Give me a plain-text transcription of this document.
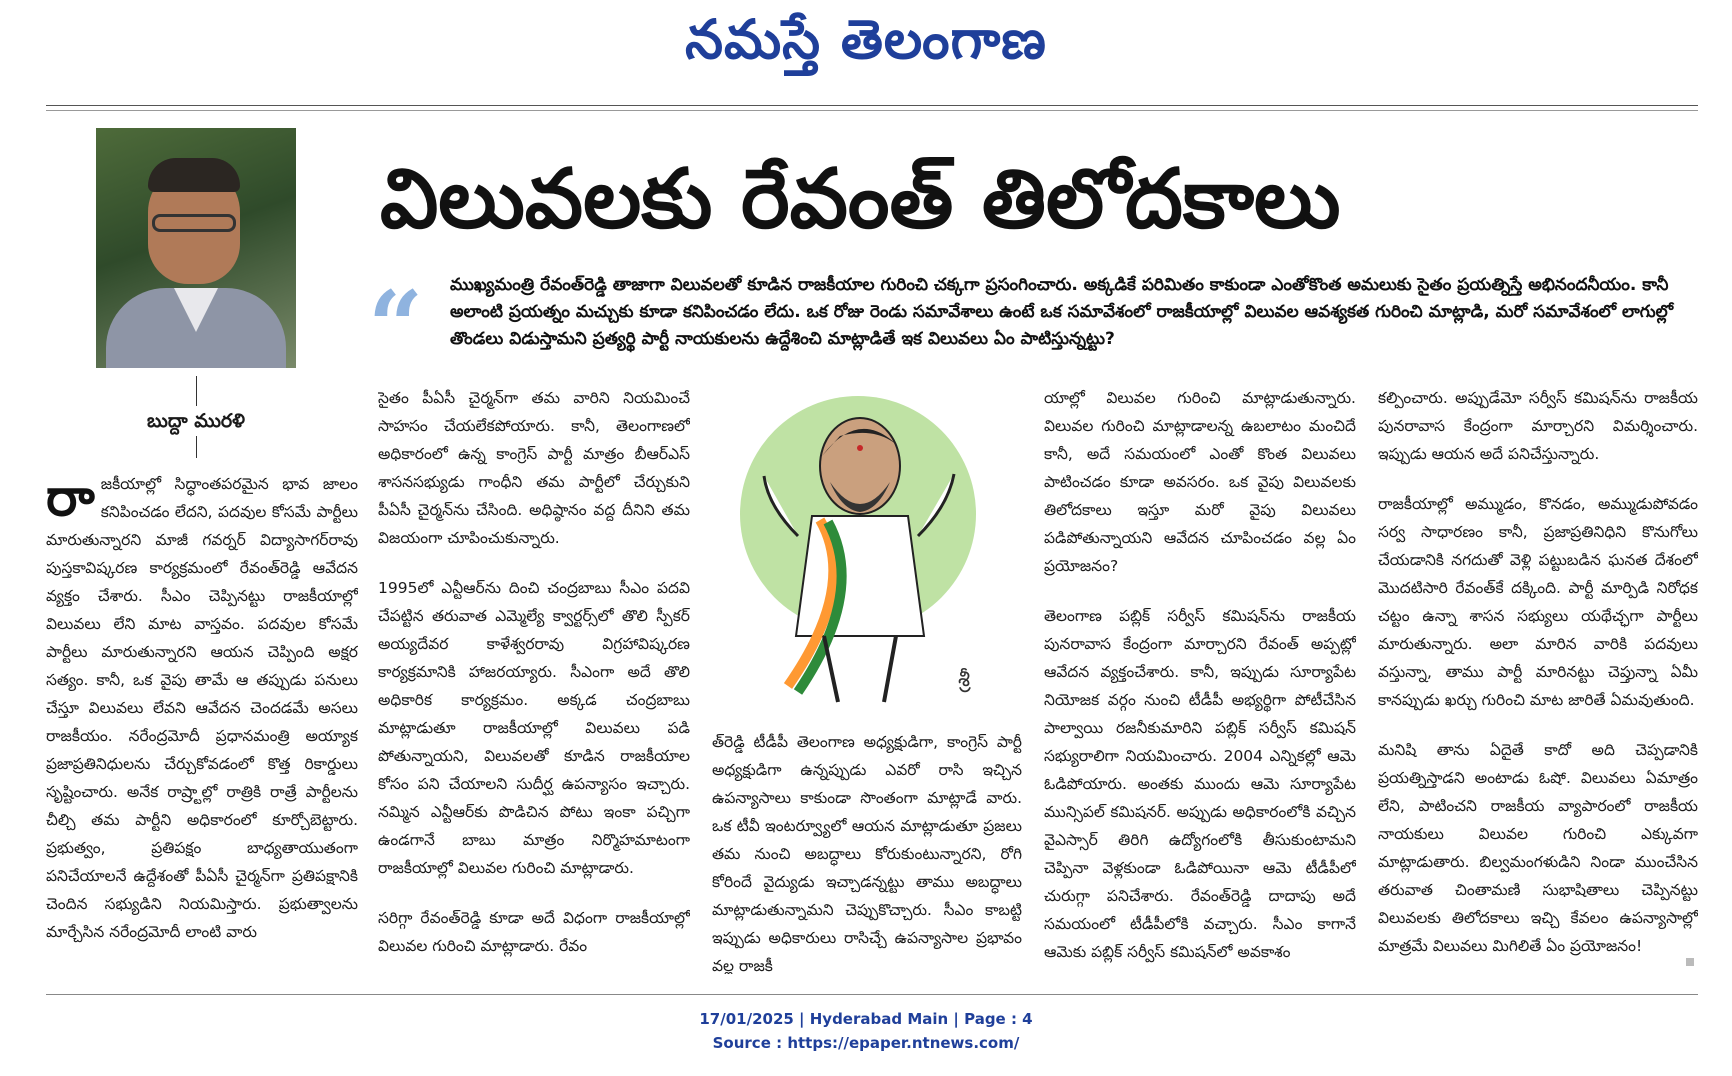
నమస్తే తెలంగాణ
బుద్దా మురళి
విలువలకు రేవంత్ తిలోదకాలు
“ ముఖ్యమంత్రి రేవంత్‌రెడ్డి తాజాగా విలువలతో కూడిన రాజకీయాల గురించి చక్కగా ప్రసంగించారు. అక్కడికే పరిమితం కాకుండా ఎంతోకొంత అమలుకు సైతం ప్రయత్నిస్తే అభినందనీయం. కానీ అలాంటి ప్రయత్నం మచ్చుకు కూడా కనిపించడం లేదు. ఒక రోజు రెండు సమావేశాలు ఉంటే ఒక సమావేశంలో రాజకీయాల్లో విలువల ఆవశ్యకత గురించి మాట్లాడి, మరో సమావేశంలో లాగుల్లో తొండలు విడుస్తామని ప్రత్యర్థి పార్టీ నాయకులను ఉద్దేశించి మాట్లాడితే ఇక విలువలు ఏం పాటిస్తున్నట్టు?
రాజకీయాల్లో సిద్ధాంతపరమైన భావ జాలం కనిపించడం లేదని, పదవుల కోసమే పార్టీలు మారుతున్నారని మాజీ గవర్నర్ విద్యాసాగర్‌రావు పుస్తకావిష్కరణ కార్యక్రమంలో రేవంత్‌రెడ్డి ఆవేదన వ్యక్తం చేశారు. సీఎం చెప్పినట్టు రాజకీయాల్లో విలువలు లేని మాట వాస్తవం. పదవుల కోసమే పార్టీలు మారుతున్నారని ఆయన చెప్పింది అక్షర సత్యం. కానీ, ఒక వైపు తామే ఆ తప్పుడు పనులు చేస్తూ విలువలు లేవని ఆవేదన చెందడమే అసలు రాజకీయం. నరేంద్రమోదీ ప్రధానమంత్రి అయ్యాక ప్రజాప్రతినిధులను చేర్చుకోవడంలో కొత్త రికార్డులు సృష్టించారు. అనేక రాష్ర్టాల్లో రాత్రికి రాత్రే పార్టీలను చీల్చి తమ పార్టీని అధికారంలో కూర్చోబెట్టారు. ప్రభుత్వం, ప్రతిపక్షం బాధ్యతాయుతంగా పనిచేయాలనే ఉద్దేశంతో పీఏసీ చైర్మన్‌గా ప్రతిపక్షానికి చెందిన సభ్యుడిని నియమిస్తారు. ప్రభుత్వాలను మార్చేసిన నరేంద్రమోదీ లాంటి వారు

సైతం పీఏసీ చైర్మన్‌గా తమ వారిని నియమించే సాహసం చేయలేకపోయారు. కానీ, తెలంగాణలో అధికారంలో ఉన్న కాంగ్రెస్ పార్టీ మాత్రం బీఆర్‌ఎస్ శాసనసభ్యుడు గాంధీని తమ పార్టీలో చేర్చుకుని పీఏసీ చైర్మన్‌ను చేసింది. అధిష్ఠానం వద్ద దీనిని తమ విజయంగా చూపించుకున్నారు.

1995లో ఎన్టీఆర్‌ను దించి చంద్రబాబు సీఎం పదవి చేపట్టిన తరువాత ఎమ్మెల్యే క్వార్టర్స్‌లో తొలి స్పీకర్ అయ్యదేవర కాళేశ్వరరావు విగ్రహావిష్కరణ కార్యక్రమానికి హాజరయ్యారు. సీఎంగా అదే తొలి అధికారిక కార్యక్రమం. అక్కడ చంద్రబాబు మాట్లాడుతూ రాజకీయాల్లో విలువలు పడి పోతున్నాయని, విలువలతో కూడిన రాజకీయాల కోసం పని చేయాలని సుదీర్ఘ ఉపన్యాసం ఇచ్చారు. నమ్మిన ఎన్టీఆర్‌కు పొడిచిన పోటు ఇంకా పచ్చిగా ఉండగానే బాబు మాత్రం నిర్మొహమాటంగా రాజకీయాల్లో విలువల గురించి మాట్లాడారు.

సరిగ్గా రేవంత్‌రెడ్డి కూడా అదే విధంగా రాజకీయాల్లో విలువల గురించి మాట్లాడారు. రేవం

శ్రీ
త్‌రెడ్డి టీడీపీ తెలంగాణ అధ్యక్షుడిగా, కాంగ్రెస్ పార్టీ అధ్యక్షుడిగా ఉన్నప్పుడు ఎవరో రాసి ఇచ్చిన ఉపన్యాసాలు కాకుండా సొంతంగా మాట్లాడే వారు. ఒక టీవీ ఇంటర్వ్యూలో ఆయన మాట్లాడుతూ ప్రజలు తమ నుంచి అబద్ధాలు కోరుకుంటున్నారని, రోగి కోరిందే వైద్యుడు ఇచ్చాడన్నట్టు తాము అబద్ధాలు మాట్లాడుతున్నామని చెప్పుకొచ్చారు. సీఎం కాబట్టి ఇప్పుడు అధికారులు రాసిచ్చే ఉపన్యాసాల ప్రభావం వల్ల రాజకీ

యాల్లో విలువల గురించి మాట్లాడుతున్నారు. విలువల గురించి మాట్లాడాలన్న ఉబలాటం మంచిదే కానీ, అదే సమయంలో ఎంతో కొంత విలువలు పాటించడం కూడా అవసరం. ఒక వైపు విలువలకు తిలోదకాలు ఇస్తూ మరో వైపు విలువలు పడిపోతున్నాయని ఆవేదన చూపించడం వల్ల ఏం ప్రయోజనం?

తెలంగాణ పబ్లిక్ సర్వీస్ కమిషన్‌ను రాజకీయ పునరావాస కేంద్రంగా మార్చారని రేవంత్ అప్పట్లో ఆవేదన వ్యక్తంచేశారు. కానీ, ఇప్పుడు సూర్యాపేట నియోజక వర్గం నుంచి టీడీపీ అభ్యర్థిగా పోటీచేసిన పాల్వాయి రజనీకుమారిని పబ్లిక్ సర్వీస్ కమిషన్ సభ్యురాలిగా నియమించారు. 2004 ఎన్నికల్లో ఆమె ఓడిపోయారు. అంతకు ముందు ఆమె సూర్యాపేట మున్సిపల్ కమిషనర్. అప్పుడు అధికారంలోకి వచ్చిన వైఎస్సార్ తిరిగి ఉద్యోగంలోకి తీసుకుంటామని చెప్పినా వెళ్లకుండా ఓడిపోయినా ఆమె టీడీపీలో చురుగ్గా పనిచేశారు. రేవంత్‌రెడ్డి దాదాపు అదే సమయంలో టీడీపీలోకి వచ్చారు. సీఎం కాగానే ఆమెకు పబ్లిక్ సర్వీస్ కమిషన్‌లో అవకాశం

కల్పించారు. అప్పుడేమో సర్వీస్ కమిషన్‌ను రాజకీయ పునరావాస కేంద్రంగా మార్చారని విమర్శించారు. ఇప్పుడు ఆయన అదే పనిచేస్తున్నారు.

రాజకీయాల్లో అమ్ముడం, కొనడం, అమ్ముడుపోవడం సర్వ సాధారణం కానీ, ప్రజాప్రతినిధిని కొనుగోలు చేయడానికి నగదుతో వెళ్లి పట్టుబడిన ఘనత దేశంలో మొదటిసారి రేవంత్‌కే దక్కింది. పార్టీ మార్పిడి నిరోధక చట్టం ఉన్నా శాసన సభ్యులు యథేచ్ఛగా పార్టీలు మారుతున్నారు. అలా మారిన వారికి పదవులు వస్తున్నా, తాము పార్టీ మారినట్టు చెప్తున్నా ఏమీ కానప్పుడు ఖర్చు గురించి మాట జారితే ఏమవుతుంది.

మనిషి తాను ఏదైతే కాదో అది చెప్పడానికి ప్రయత్నిస్తాడని అంటాడు ఓషో. విలువలు ఏమాత్రం లేని, పాటించని రాజకీయ వ్యాపారంలో రాజకీయ నాయకులు విలువల గురించి ఎక్కువగా మాట్లాడుతారు. బిల్వమంగళుడిని నిండా ముంచేసిన తరువాత చింతామణి సుభాషితాలు చెప్పినట్టు విలువలకు తిలోదకాలు ఇచ్చి కేవలం ఉపన్యాసాల్లో మాత్రమే విలువలు మిగిలితే ఏం ప్రయోజనం!

17/01/2025 | Hyderabad Main | Page : 4
Source : https://epaper.ntnews.com/
